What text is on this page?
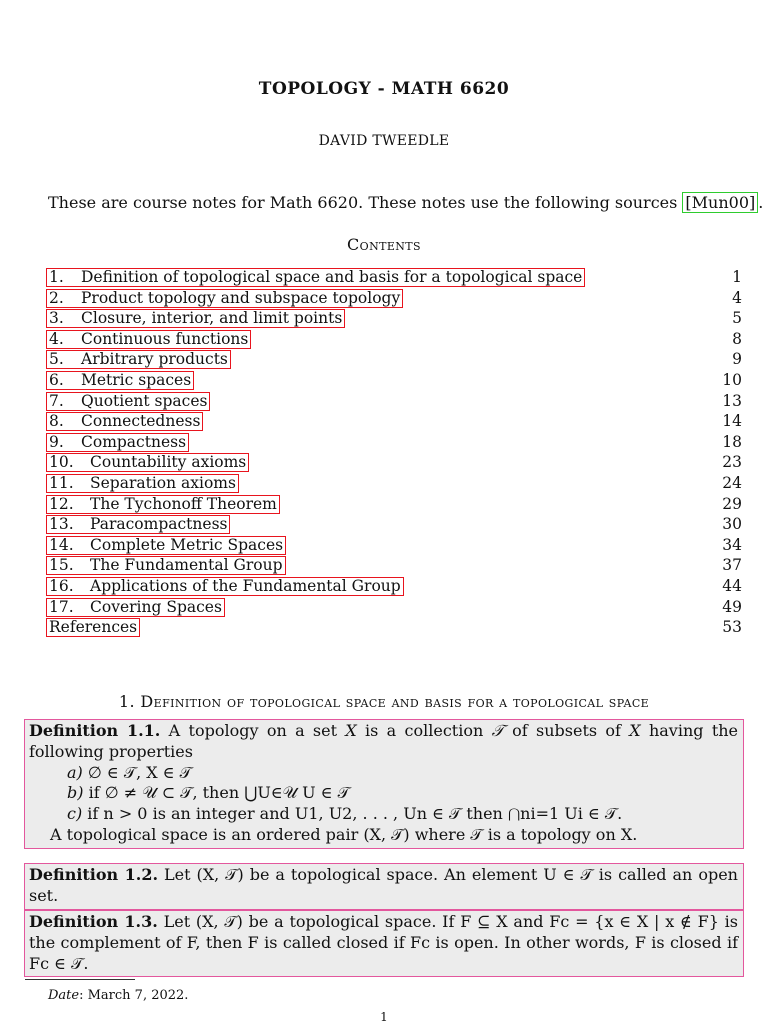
TOPOLOGY - MATH 6620
DAVID TWEEDLE
These are course notes for Math 6620. These notes use the following sources [Mun00] .
Contents
1. Definition of topological space and basis for a topological space	1
2. Product topology and subspace topology	4
3. Closure, interior, and limit points	5
4. Continuous functions	8
5. Arbitrary products	9
6. Metric spaces	10
7. Quotient spaces	13
8. Connectedness	14
9. Compactness	18
10. Countability axioms	23
11. Separation axioms	24
12. The Tychonoff Theorem	29
13. Paracompactness	30
14. Complete Metric Spaces	34
15. The Fundamental Group	37
16. Applications of the Fundamental Group	44
17. Covering Spaces	49
References	53
1. Definition of topological space and basis for a topological space
Definition 1.1. A topology on a set X is a collection 𝒯 of subsets of X having the following properties
a) ∅ ∈ 𝒯, X ∈ 𝒯
b) if ∅ ≠ 𝒰 ⊂ 𝒯, then ⋃U∈𝒰 U ∈ 𝒯
c) if n > 0 is an integer and U1, U2, . . . , Un ∈ 𝒯 then ⋂ni=1 Ui ∈ 𝒯.
A topological space is an ordered pair (X, 𝒯) where 𝒯 is a topology on X.
Definition 1.2. Let (X, 𝒯) be a topological space. An element U ∈ 𝒯 is called an open set.
Definition 1.3. Let (X, 𝒯) be a topological space. If F ⊆ X and Fc = {x ∈ X | x ∉ F} is the complement of F, then F is called closed if Fc is open. In other words, F is closed if Fc ∈ 𝒯.
Date: March 7, 2022.
1
